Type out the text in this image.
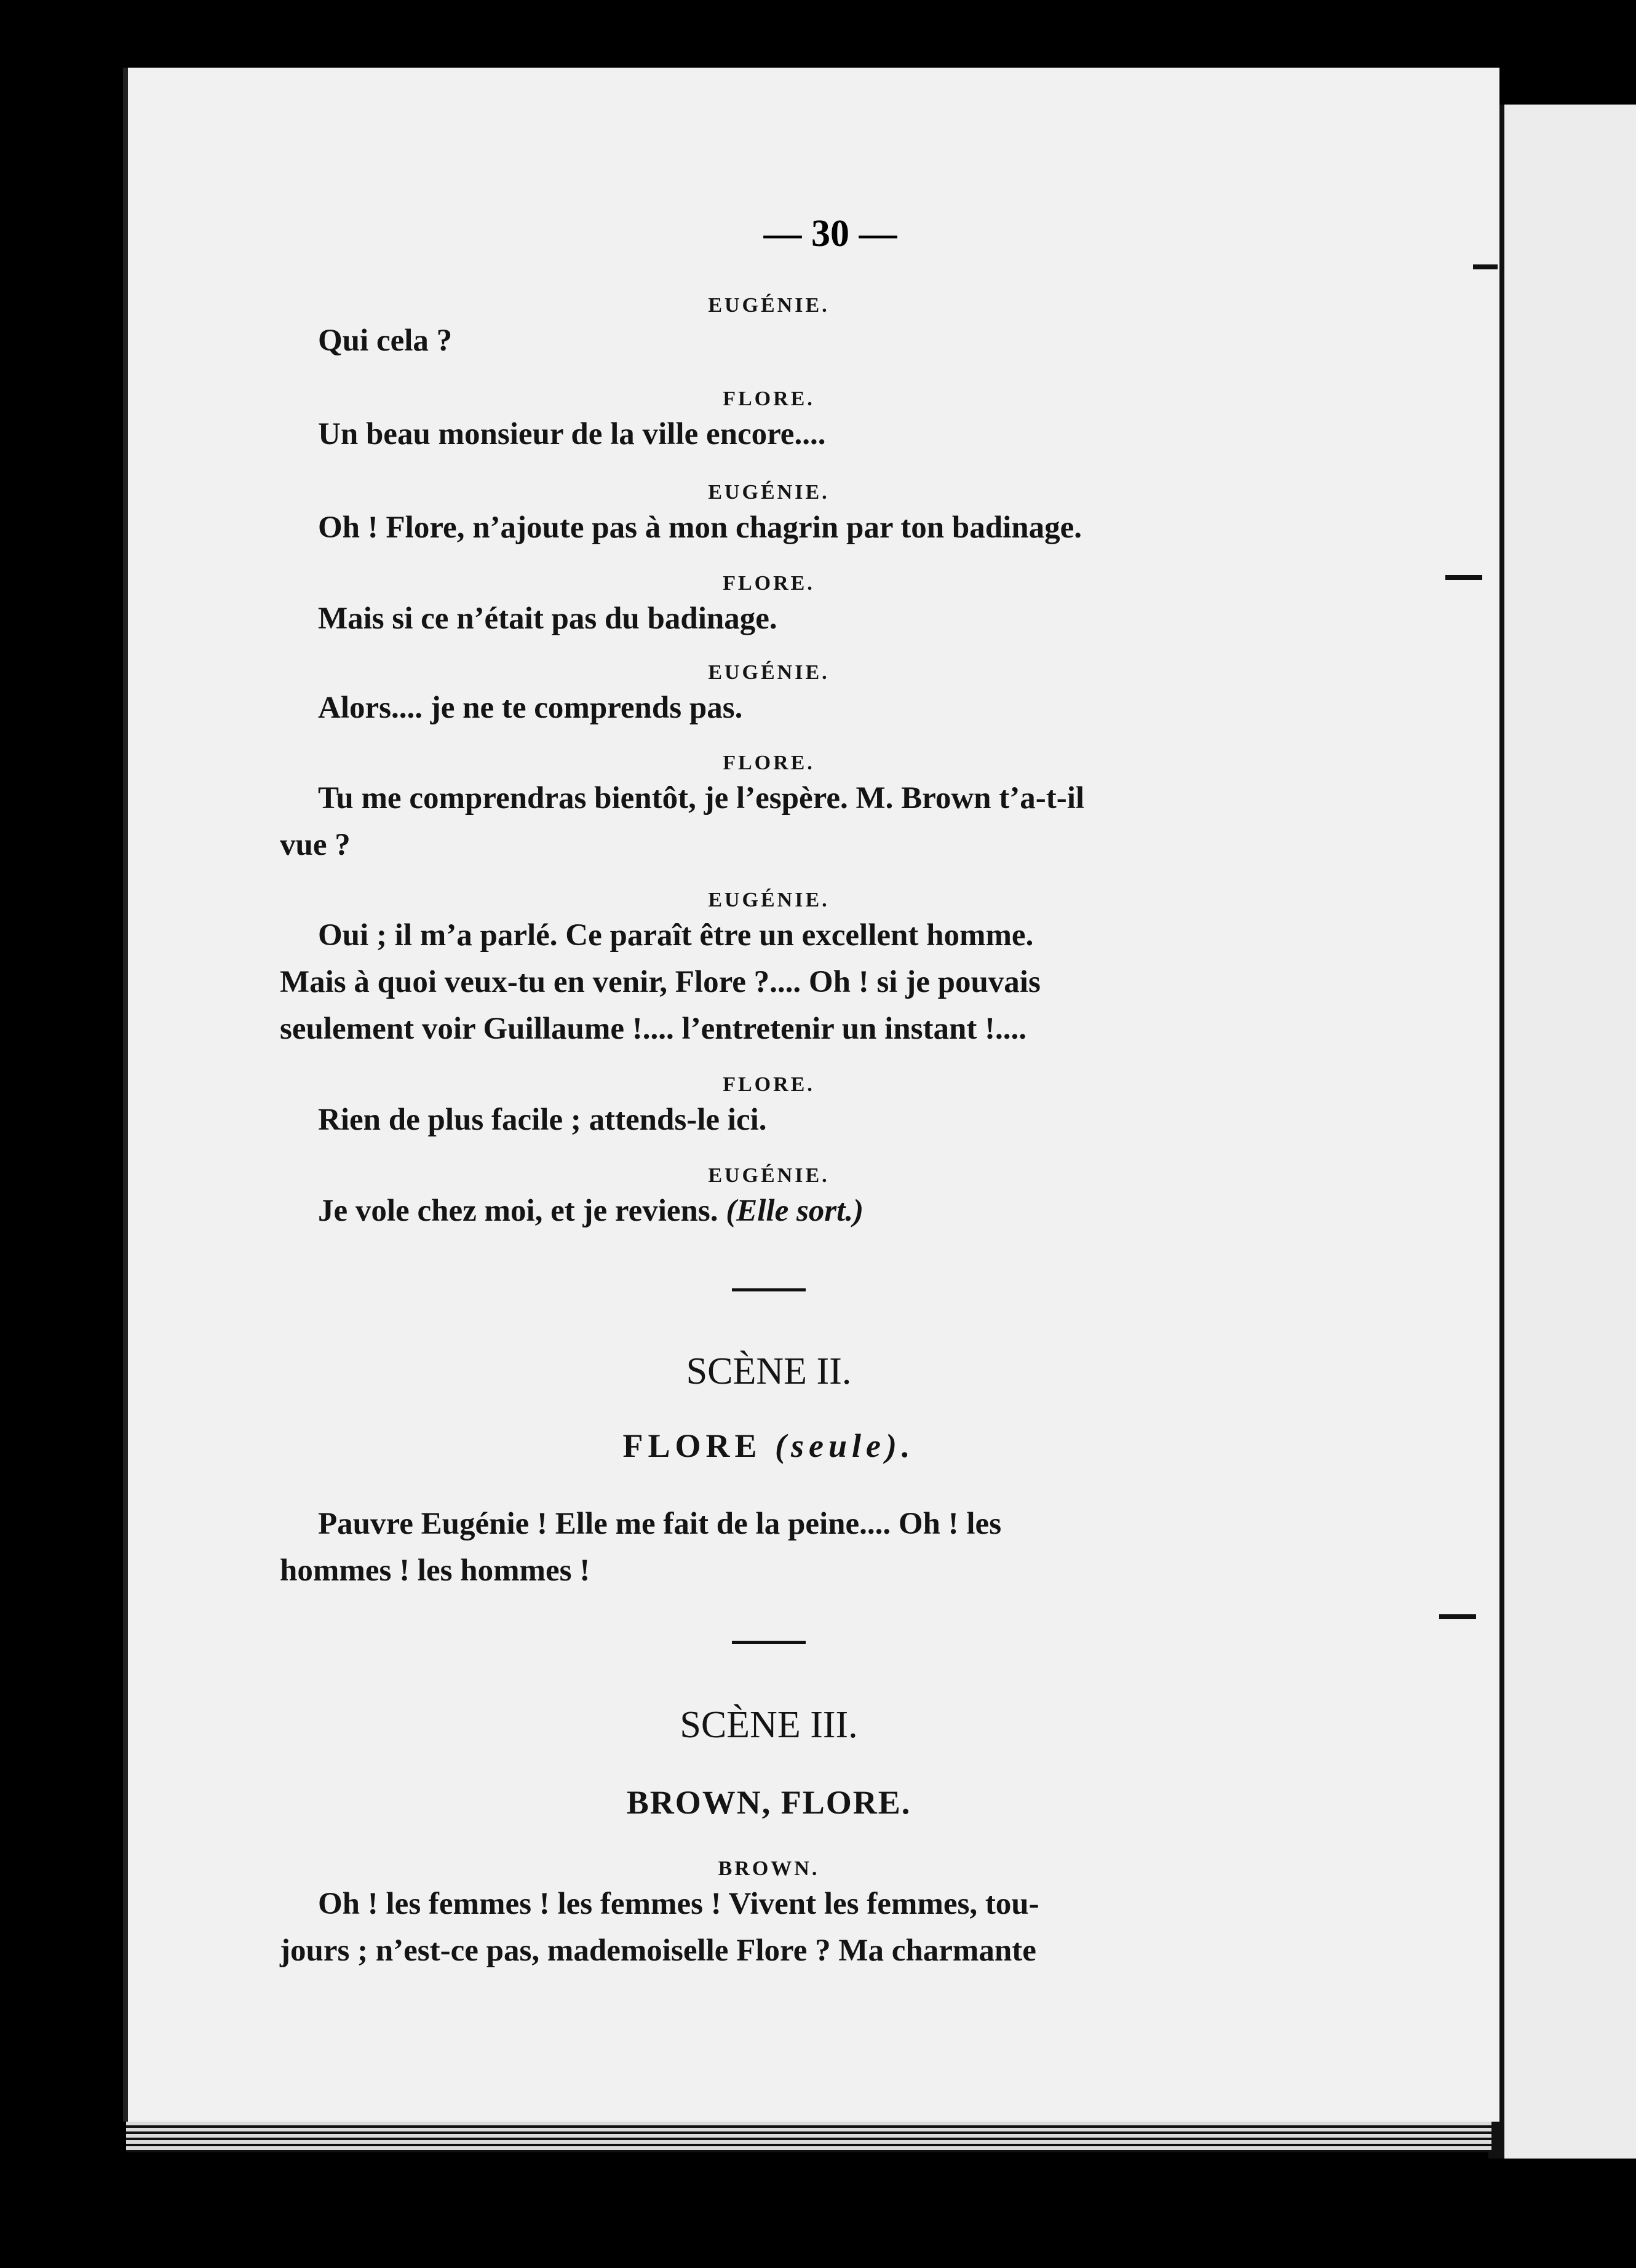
— 30 —

EUGÉNIE.

Qui cela ?

FLORE.

Un beau monsieur de la ville encore....

EUGÉNIE.

Oh ! Flore, n’ajoute pas à mon chagrin par ton badinage.

FLORE.

Mais si ce n’était pas du badinage.

EUGÉNIE.

Alors.... je ne te comprends pas.

FLORE.

Tu me comprendras bientôt, je l’espère. M. Brown t’a-t-il

vue ?

EUGÉNIE.

Oui ; il m’a parlé. Ce paraît être un excellent homme.

Mais à quoi veux-tu en venir, Flore ?.... Oh ! si je pouvais

seulement voir Guillaume !.... l’entretenir un instant !....

FLORE.

Rien de plus facile ; attends-le ici.

EUGÉNIE.

Je vole chez moi, et je reviens. (Elle sort.)

SCÈNE II.

FLORE (seule).

Pauvre Eugénie ! Elle me fait de la peine.... Oh ! les

hommes ! les hommes !

SCÈNE III.

BROWN, FLORE.

BROWN.

Oh ! les femmes ! les femmes ! Vivent les femmes, tou-

jours ; n’est-ce pas, mademoiselle Flore ? Ma charmante
